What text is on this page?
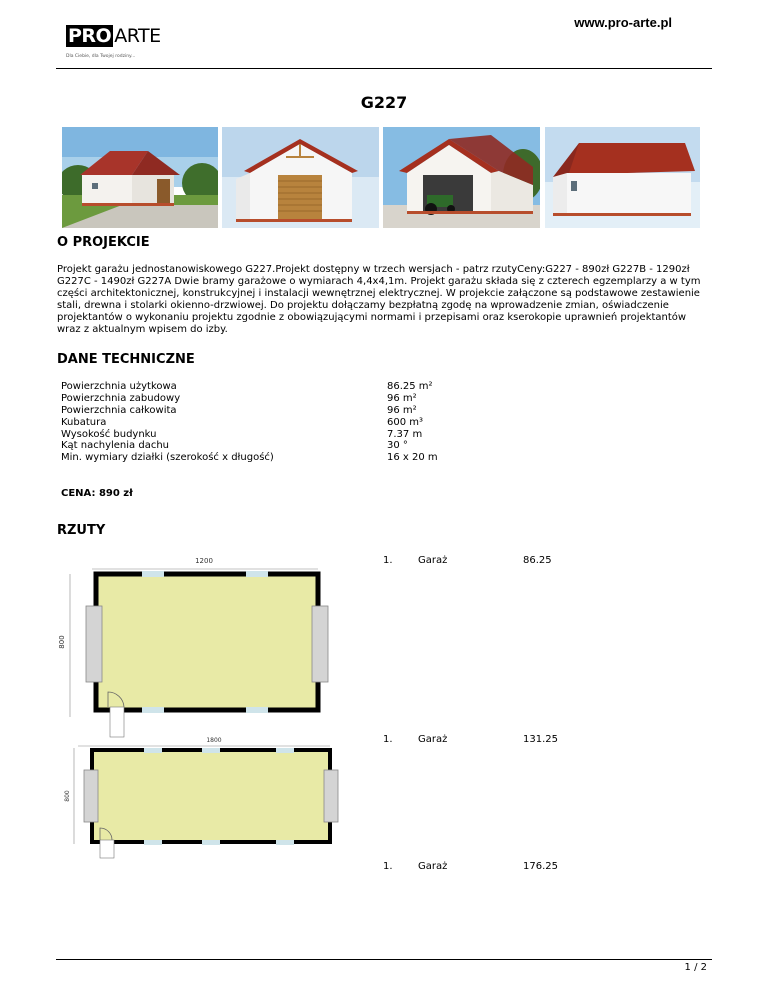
PRO ARTE
Dla Ciebie, dla Twojej rodziny...
www.pro-arte.pl
G227
O PROJEKCIE
Projekt garażu jednostanowiskowego G227.Projekt dostępny w trzech wersjach - patrz rzutyCeny:G227 - 890zł G227B - 1290zł G227C - 1490zł G227A Dwie bramy garażowe o wymiarach 4,4x4,1m. Projekt garażu składa się z czterech egzemplarzy a w tym części architektonicznej, konstrukcyjnej i instalacji wewnętrznej elektrycznej. W projekcie załączone są podstawowe zestawienie stali, drewna i stolarki okienno-drzwiowej. Do projektu dołączamy bezpłatną zgodę na wprowadzenie zmian, oświadczenie projektantów o wykonaniu projektu zgodnie z obowiązującymi normami i przepisami oraz kserokopie uprawnień projektantów wraz z aktualnym wpisem do izby.
DANE TECHNICZNE
Powierzchnia użytkowa	86.25 m²
Powierzchnia zabudowy	96 m²
Powierzchnia całkowita	96 m²
Kubatura	600 m³
Wysokość budynku	7.37 m
Kąt nachylenia dachu	30 °
Min. wymiary działki (szerokość x długość)	16 x 20 m
CENA: 890 zł
RZUTY
1200
800
1800
800
1.	Garaż	86.25
1.	Garaż	131.25
1.	Garaż	176.25
1 / 2
